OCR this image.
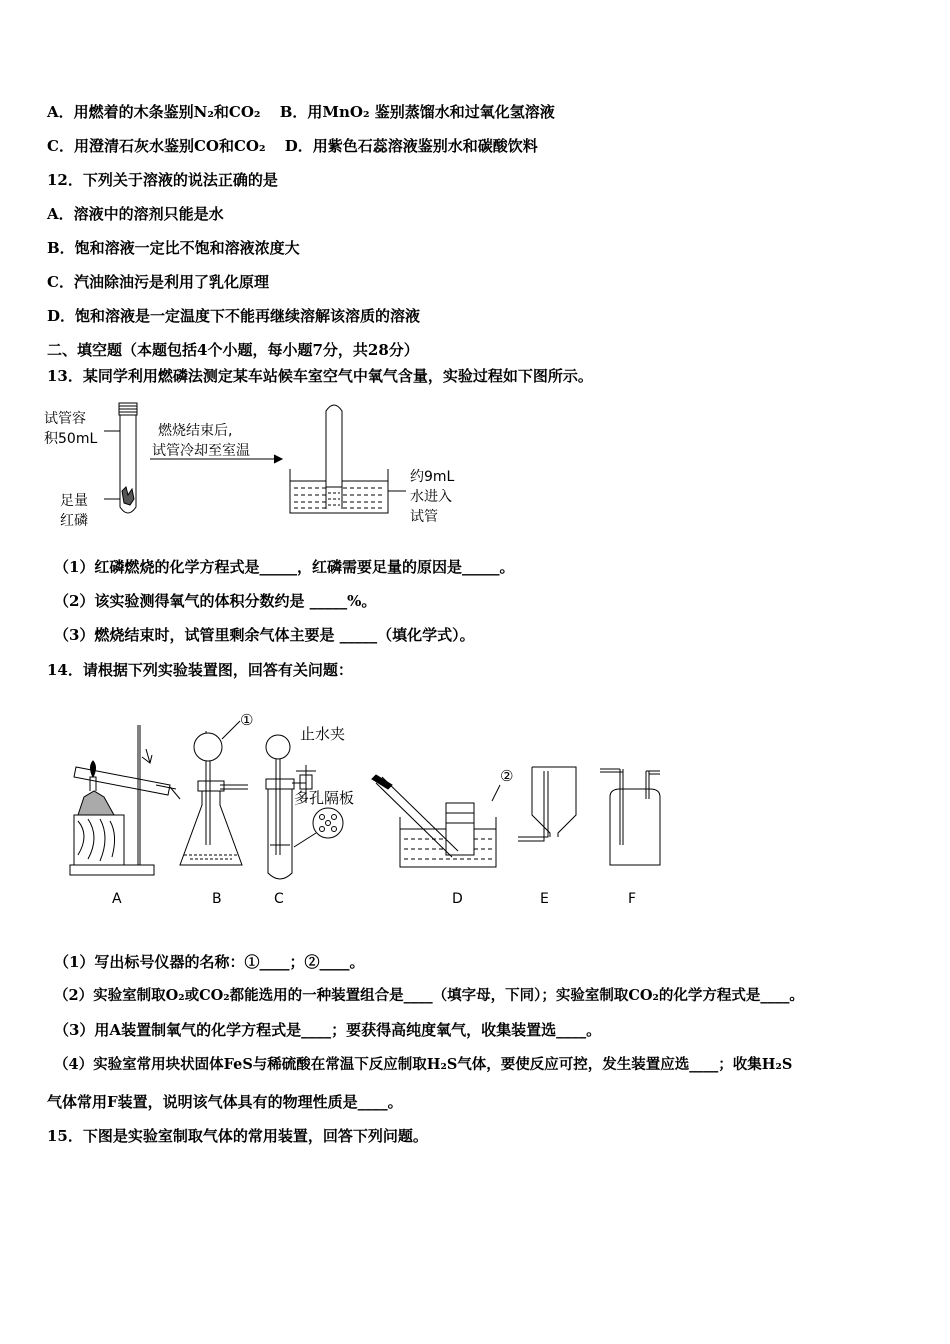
A．用燃着的木条鉴别N₂和CO₂ B．用MnO₂ 鉴别蒸馏水和过氧化氢溶液
C．用澄清石灰水鉴别CO和CO₂ D．用紫色石蕊溶液鉴别水和碳酸饮料
12．下列关于溶液的说法正确的是
A．溶液中的溶剂只能是水
B．饱和溶液一定比不饱和溶液浓度大
C．汽油除油污是利用了乳化原理
D．饱和溶液是一定温度下不能再继续溶解该溶质的溶液
二、填空题（本题包括4个小题，每小题7分，共28分）
13．某同学利用燃磷法测定某车站候车室空气中氧气含量，实验过程如下图所示。
试管容
积50mL
足量
红磷
燃烧结束后,
试管冷却至室温
约9mL
水进入
试管
（1）红磷燃烧的化学方程式是_____，红磷需要足量的原因是_____。
（2）该实验测得氧气的体积分数约是 _____%。
（3）燃烧结束时，试管里剩余气体主要是 _____（填化学式）。
14．请根据下列实验装置图，回答有关问题：
①
②
止水夹
多孔隔板
A	B	C	D	E	F
（1）写出标号仪器的名称：①____；②____。
（2）实验室制取O₂或CO₂都能选用的一种装置组合是____（填字母，下同）；实验室制取CO₂的化学方程式是____。
（3）用A装置制氧气的化学方程式是____；要获得高纯度氧气，收集装置选____。
（4）实验室常用块状固体FeS与稀硫酸在常温下反应制取H₂S气体，要使反应可控，发生装置应选____；收集H₂S
气体常用F装置，说明该气体具有的物理性质是____。
15．下图是实验室制取气体的常用装置，回答下列问题。
